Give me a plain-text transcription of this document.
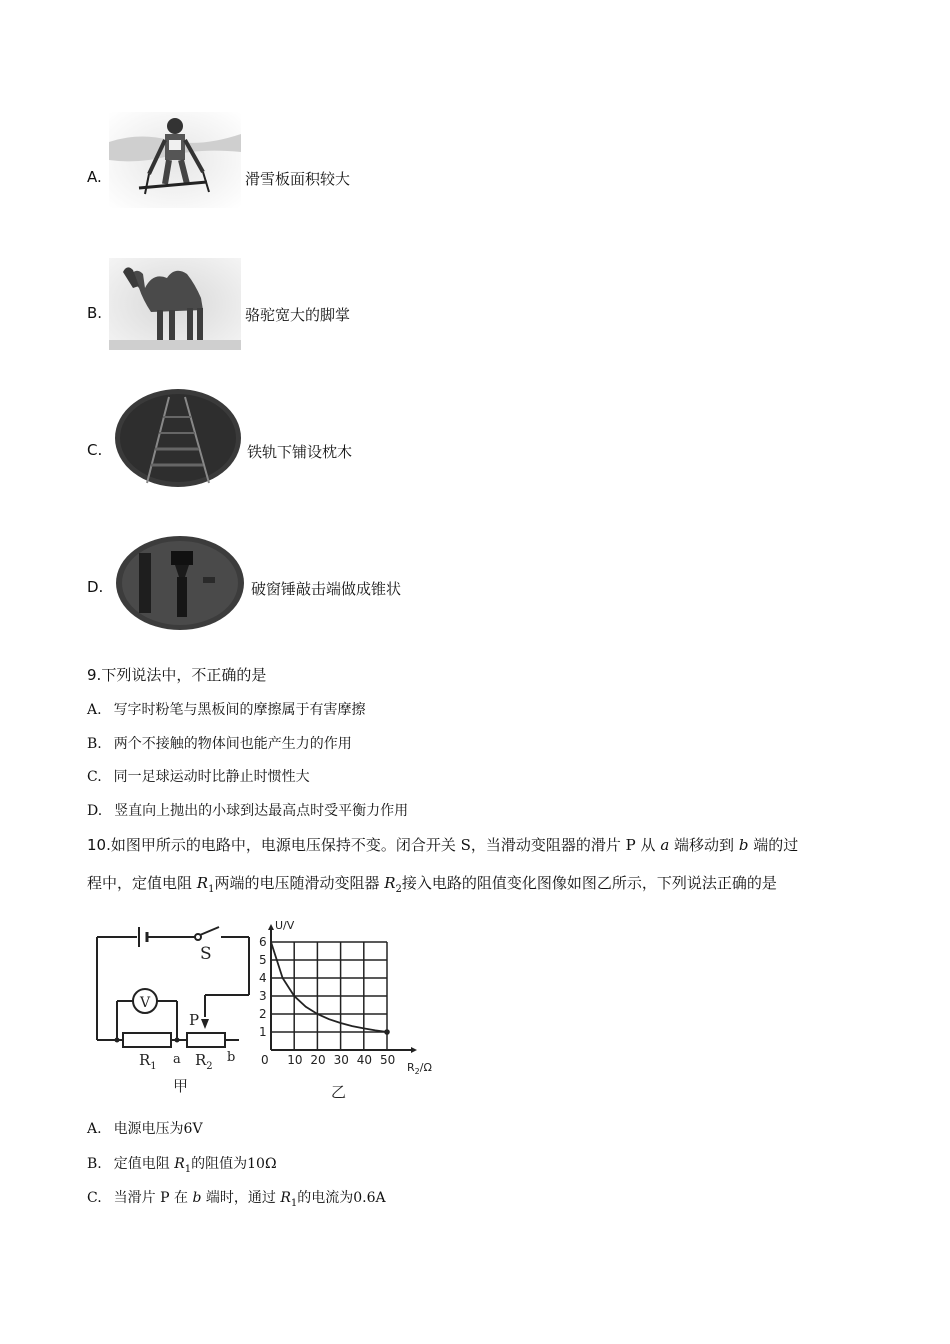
A.	滑雪板面积较大
B.	骆驼宽大的脚掌
C.	铁轨下铺设枕木
D.	破窗锤敲击端做成锥状
9.下列说法中，不正确的是
A. 写字时粉笔与黑板间的摩擦属于有害摩擦
B. 两个不接触的物体间也能产生力的作用
C. 同一足球运动时比静止时惯性大
D. 竖直向上抛出的小球到达最高点时受平衡力作用
10.如图甲所示的电路中，电源电压保持不变。闭合开关 S，当滑动变阻器的滑片 P 从 a 端移动到 b 端的过
程中，定值电阻 $R_1$两端的电压随滑动变阻器 $R_2$接入电路的阻值变化图像如图乙所示，下列说法正确的是
S
V
P
$R_1$ a $R_2$
b
甲
1
2
3
4
5
6
10 20 30 40 50
U/V
0
$R_2/\Omega$
乙
A. 电源电压为6V
B. 定值电阻 $R_1$的阻值为10Ω
C. 当滑片 P 在 b 端时，通过 $R_1$的电流为0.6A
